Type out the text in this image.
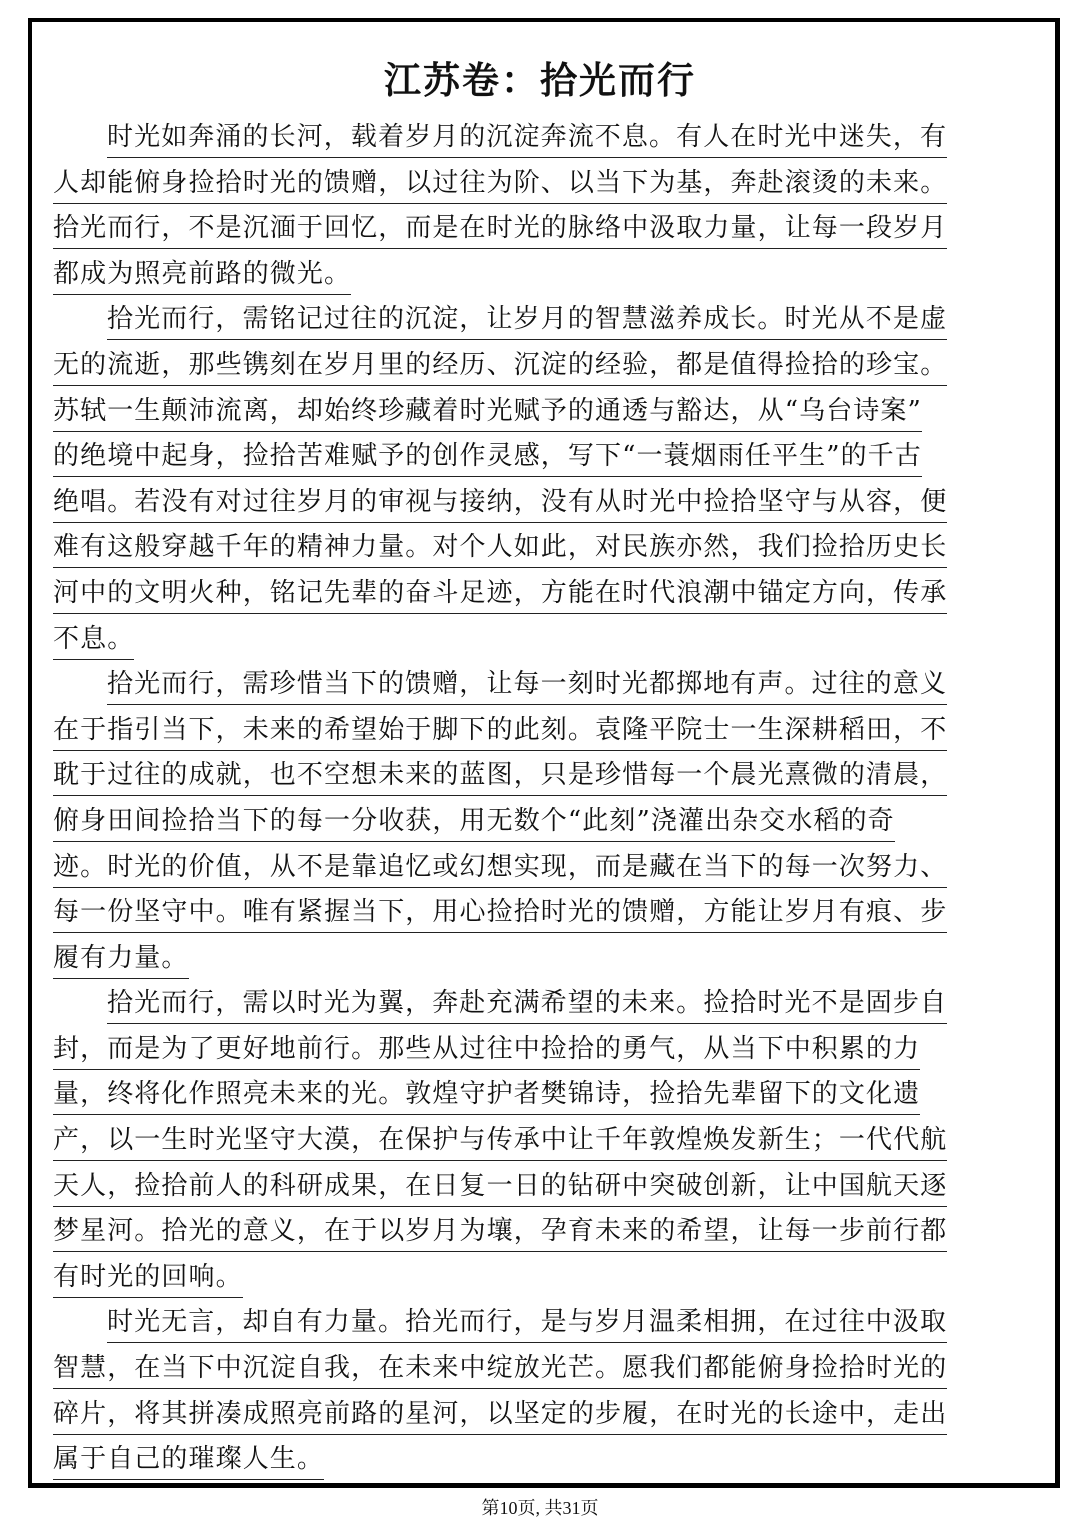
江苏卷：拾光而行
时光如奔涌的长河，载着岁月的沉淀奔流不息。有人在时光中迷失，有
人却能俯身捡拾时光的馈赠，以过往为阶、以当下为基，奔赴滚烫的未来。
拾光而行，不是沉湎于回忆，而是在时光的脉络中汲取力量，让每一段岁月
都成为照亮前路的微光。
拾光而行，需铭记过往的沉淀，让岁月的智慧滋养成长。时光从不是虚
无的流逝，那些镌刻在岁月里的经历、沉淀的经验，都是值得捡拾的珍宝。
苏轼一生颠沛流离，却始终珍藏着时光赋予的通透与豁达，从“乌台诗案”
的绝境中起身，捡拾苦难赋予的创作灵感，写下“一蓑烟雨任平生”的千古
绝唱。若没有对过往岁月的审视与接纳，没有从时光中捡拾坚守与从容，便
难有这般穿越千年的精神力量。对个人如此，对民族亦然，我们捡拾历史长
河中的文明火种，铭记先辈的奋斗足迹，方能在时代浪潮中锚定方向，传承
不息。
拾光而行，需珍惜当下的馈赠，让每一刻时光都掷地有声。过往的意义
在于指引当下，未来的希望始于脚下的此刻。袁隆平院士一生深耕稻田，不
耽于过往的成就，也不空想未来的蓝图，只是珍惜每一个晨光熹微的清晨，
俯身田间捡拾当下的每一分收获，用无数个“此刻”浇灌出杂交水稻的奇
迹。时光的价值，从不是靠追忆或幻想实现，而是藏在当下的每一次努力、
每一份坚守中。唯有紧握当下，用心捡拾时光的馈赠，方能让岁月有痕、步
履有力量。
拾光而行，需以时光为翼，奔赴充满希望的未来。捡拾时光不是固步自
封，而是为了更好地前行。那些从过往中捡拾的勇气，从当下中积累的力
量，终将化作照亮未来的光。敦煌守护者樊锦诗，捡拾先辈留下的文化遗
产，以一生时光坚守大漠，在保护与传承中让千年敦煌焕发新生；一代代航
天人，捡拾前人的科研成果，在日复一日的钻研中突破创新，让中国航天逐
梦星河。拾光的意义，在于以岁月为壤，孕育未来的希望，让每一步前行都
有时光的回响。
时光无言，却自有力量。拾光而行，是与岁月温柔相拥，在过往中汲取
智慧，在当下中沉淀自我，在未来中绽放光芒。愿我们都能俯身捡拾时光的
碎片，将其拼凑成照亮前路的星河，以坚定的步履，在时光的长途中，走出
属于自己的璀璨人生。
第10页, 共31页
